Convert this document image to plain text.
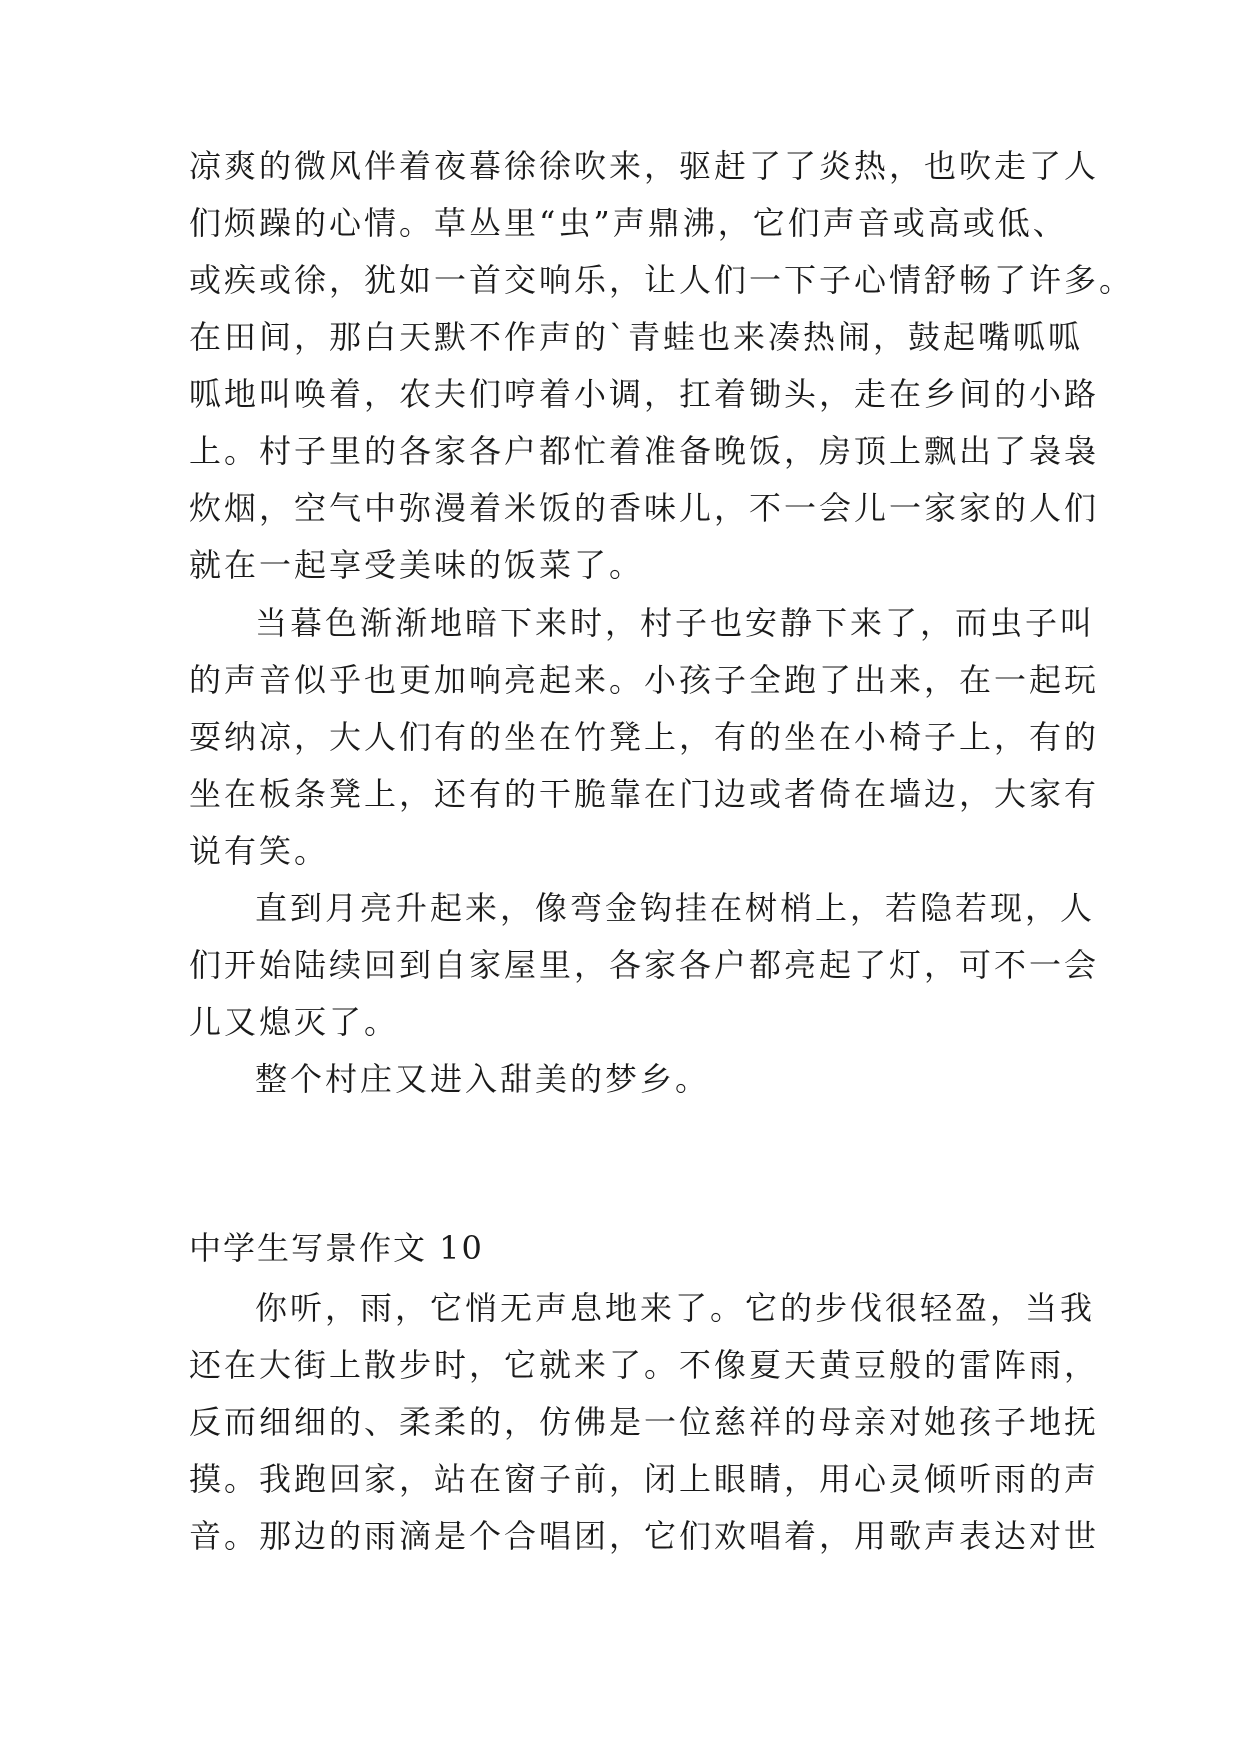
凉爽的微风伴着夜暮徐徐吹来，驱赶了了炎热，也吹走了人
们烦躁的心情。草丛里“虫”声鼎沸，它们声音或高或低、
或疾或徐，犹如一首交响乐，让人们一下子心情舒畅了许多。
在田间，那白天默不作声的`青蛙也来凑热闹，鼓起嘴呱呱
呱地叫唤着，农夫们哼着小调，扛着锄头，走在乡间的小路
上。村子里的各家各户都忙着准备晚饭，房顶上飘出了袅袅
炊烟，空气中弥漫着米饭的香味儿，不一会儿一家家的人们
就在一起享受美味的饭菜了。
当暮色渐渐地暗下来时，村子也安静下来了，而虫子叫
的声音似乎也更加响亮起来。小孩子全跑了出来，在一起玩
耍纳凉，大人们有的坐在竹凳上，有的坐在小椅子上，有的
坐在板条凳上，还有的干脆靠在门边或者倚在墙边，大家有
说有笑。
直到月亮升起来，像弯金钩挂在树梢上，若隐若现，人
们开始陆续回到自家屋里，各家各户都亮起了灯，可不一会
儿又熄灭了。
整个村庄又进入甜美的梦乡。
中学生写景作文 10
你听，雨，它悄无声息地来了。它的步伐很轻盈，当我
还在大街上散步时，它就来了。不像夏天黄豆般的雷阵雨，
反而细细的、柔柔的，仿佛是一位慈祥的母亲对她孩子地抚
摸。我跑回家，站在窗子前，闭上眼睛，用心灵倾听雨的声
音。那边的雨滴是个合唱团，它们欢唱着，用歌声表达对世
